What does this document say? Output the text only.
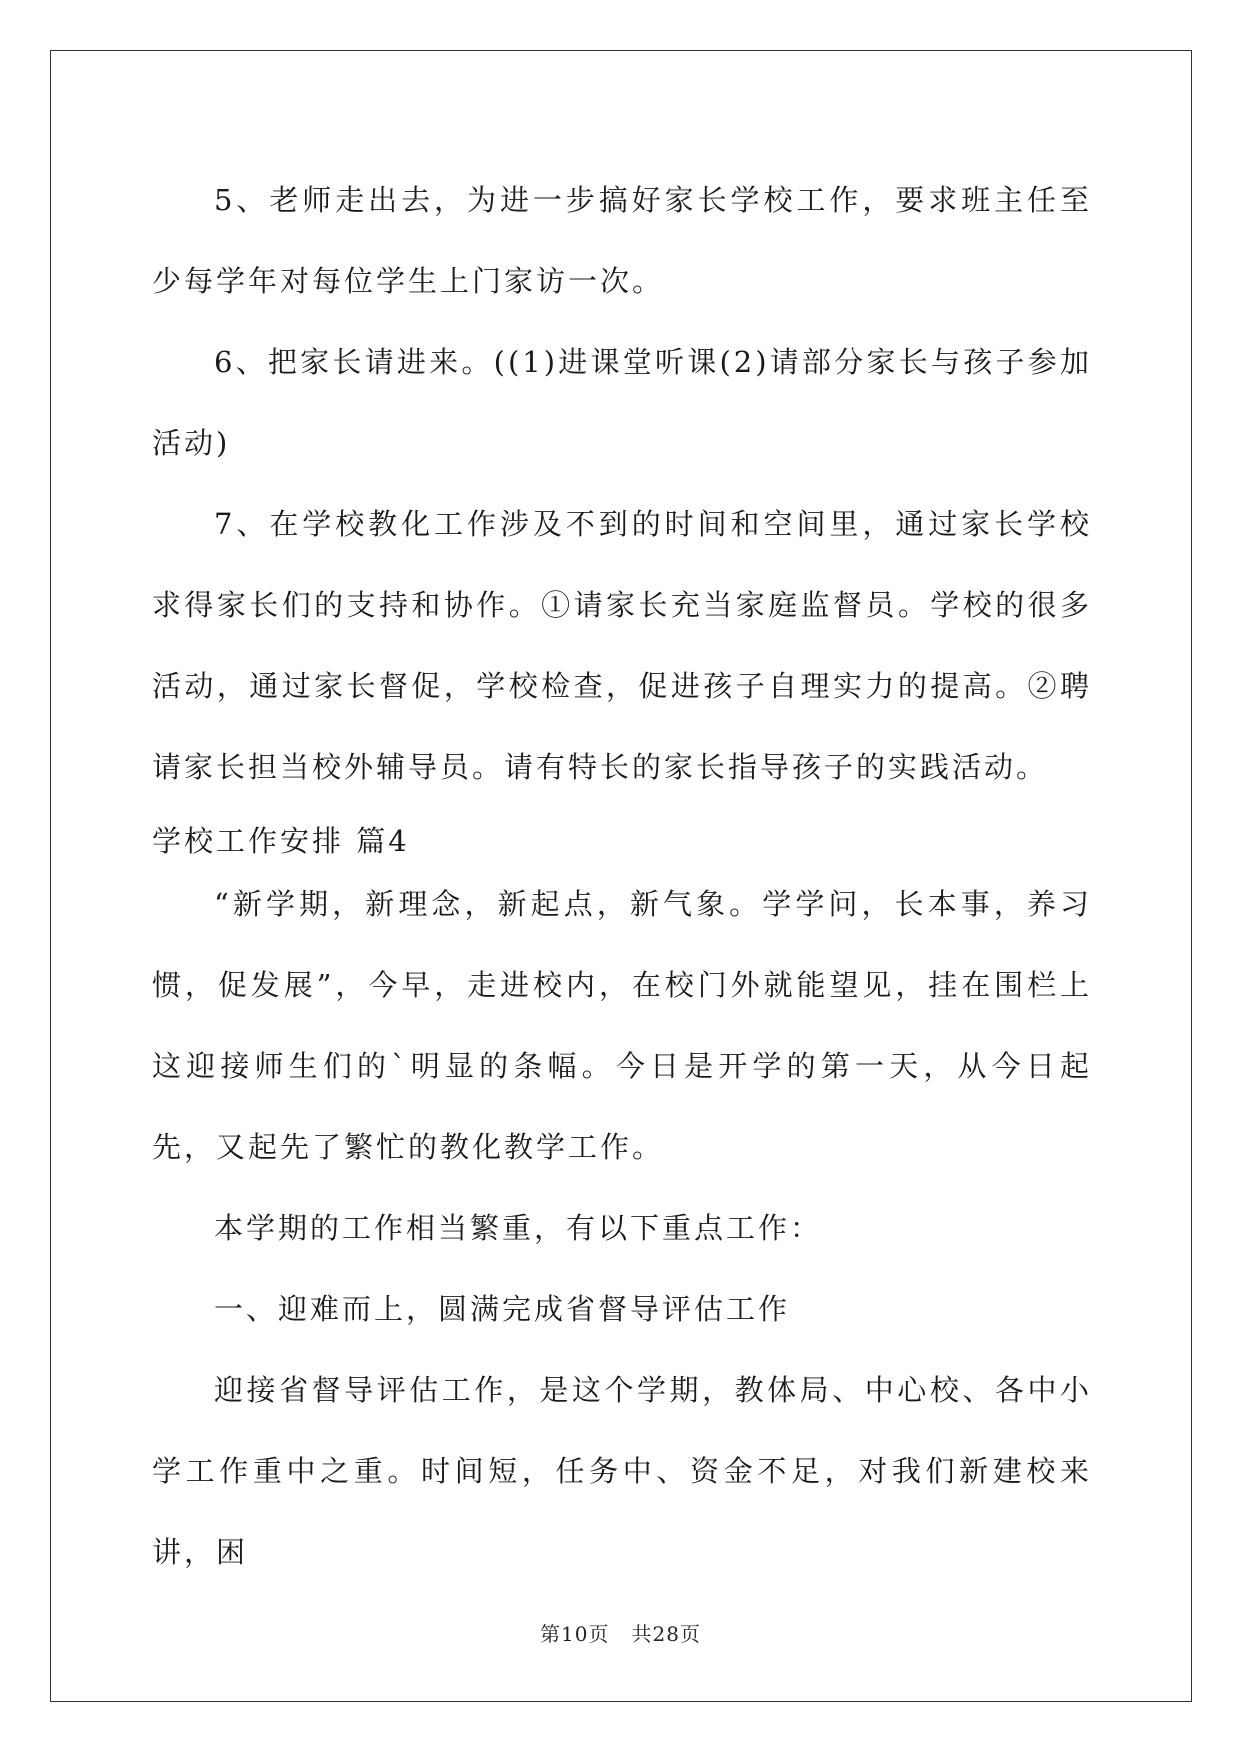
5、老师走出去，为进一步搞好家长学校工作，要求班主任至少每学年对每位学生上门家访一次。

6、把家长请进来。((1)进课堂听课(2)请部分家长与孩子参加活动)

7、在学校教化工作涉及不到的时间和空间里，通过家长学校求得家长们的支持和协作。①请家长充当家庭监督员。学校的很多活动，通过家长督促，学校检查，促进孩子自理实力的提高。②聘请家长担当校外辅导员。请有特长的家长指导孩子的实践活动。

学校工作安排 篇4

“新学期，新理念，新起点，新气象。学学问，长本事，养习惯，促发展”，今早，走进校内，在校门外就能望见，挂在围栏上这迎接师生们的`明显的条幅。今日是开学的第一天，从今日起先，又起先了繁忙的教化教学工作。

本学期的工作相当繁重，有以下重点工作：

一、迎难而上，圆满完成省督导评估工作

迎接省督导评估工作，是这个学期，教体局、中心校、各中小学工作重中之重。时间短，任务中、资金不足，对我们新建校来讲，困

第10页 共28页
